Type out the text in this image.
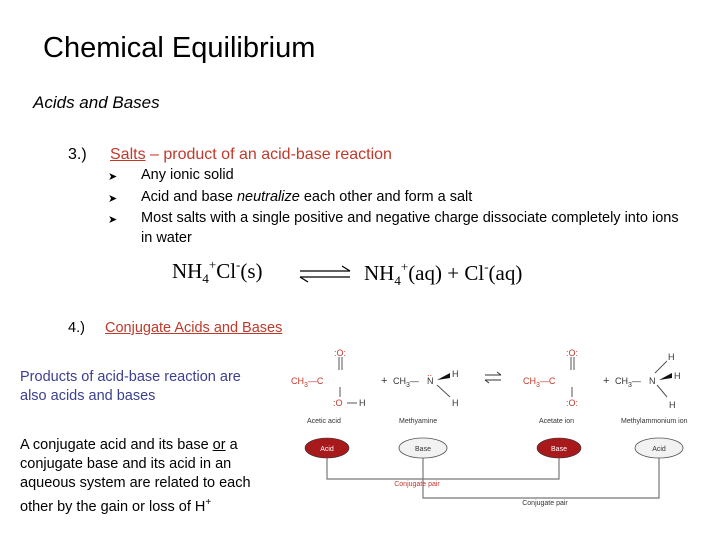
Chemical Equilibrium
Acids and Bases
3.) Salts – product of an acid-base reaction
➤	Any ionic solid
➤	Acid and base neutralize each other and form a salt
➤	Most salts with a single positive and negative charge dissociate completely into ions in water
$NH_4^+Cl^-(s)$	$NH_4^+(aq) + Cl^-(aq)$
4.) Conjugate Acids and Bases
Products of acid-base reaction are also acids and bases
A conjugate acid and its base or a conjugate base and its acid in an aqueous system are related to each other by the gain or loss of H+
$CH_3—C$
:O:
:O H
Acetic acid
+ $CH_3—$
..
N
H
H
Methyamine
$CH_3—C$
:O:
:O:
Acetate ion
+ $CH_3—$ N
H
H
H
Methylammonium ion
Acid	Base	Base	Acid
Conjugate pair
Conjugate pair
